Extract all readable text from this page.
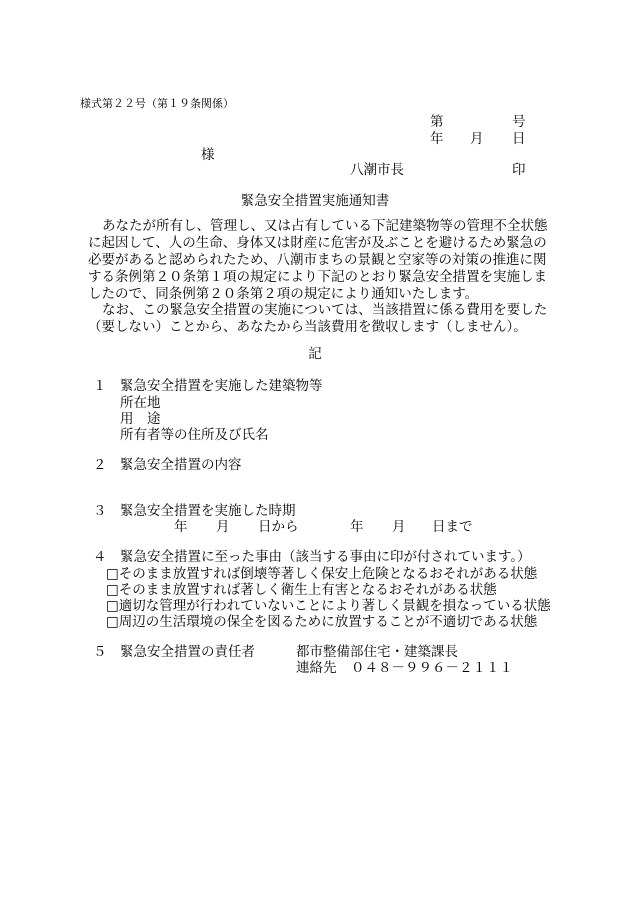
様式第２２号（第１９条関係）
第	号
年 月 日
様
八潮市長	印
緊急安全措置実施通知書
あなたが所有し、管理し、又は占有している下記建築物等の管理不全状態
に起因して、人の生命、身体又は財産に危害が及ぶことを避けるため緊急の
必要があると認められたため、八潮市まちの景観と空家等の対策の推進に関
する条例第２０条第１項の規定により下記のとおり緊急安全措置を実施しま
したので、同条例第２０条第２項の規定により通知いたします。
なお、この緊急安全措置の実施については、当該措置に係る費用を要した
（要しない）ことから、あなたから当該費用を徴収します（しません）。
記
１ 緊急安全措置を実施した建築物等
所在地
用　途
所有者等の住所及び氏名
２ 緊急安全措置の内容
３ 緊急安全措置を実施した時期
年 月 日から	年 月 日まで
４ 緊急安全措置に至った事由（該当する事由に印が付されています。）
□そのまま放置すれば倒壊等著しく保安上危険となるおそれがある状態
□そのまま放置すれば著しく衛生上有害となるおそれがある状態
□適切な管理が行われていないことにより著しく景観を損なっている状態
□周辺の生活環境の保全を図るために放置することが不適切である状態
５ 緊急安全措置の責任者	都市整備部住宅・建築課長
連絡先 ０４８－９９６－２１１１
